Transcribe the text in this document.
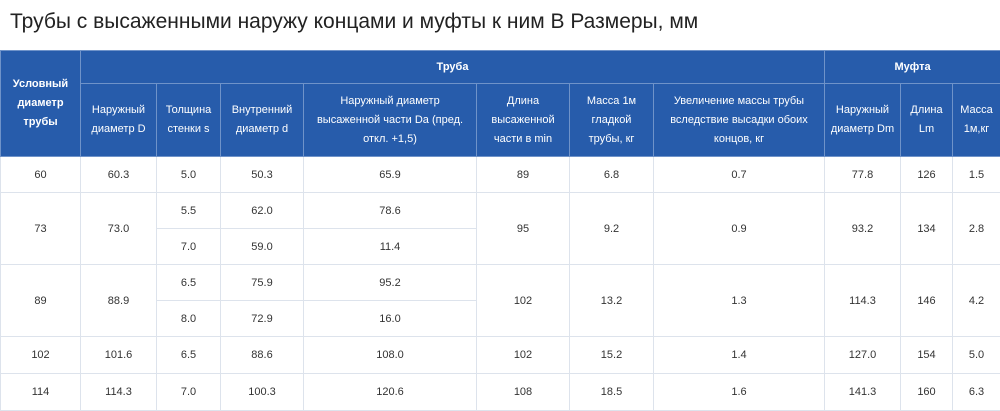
Трубы с высаженными наружу концами и муфты к ним В Размеры, мм
Условный диаметр трубы	Труба							Муфта		
	Наружный диаметр D	Толщина стенки s	Внутренний диаметр d	Наружный диаметр высаженной части Da (пред. откл. +1,5)	Длина высаженной части в min	Масса 1м гладкой трубы, кг	Увеличение массы трубы вследствие высадки обоих концов, кг	Наружный диаметр Dm	Длина Lm	Масса 1м,кг
60	60.3	5.0	50.3	65.9	89	6.8	0.7	77.8	126	1.5
73	73.0	5.5	62.0	78.6	95	9.2	0.9	93.2	134	2.8
		7.0	59.0	11.4						
89	88.9	6.5	75.9	95.2	102	13.2	1.3	114.3	146	4.2
		8.0	72.9	16.0						
102	101.6	6.5	88.6	108.0	102	15.2	1.4	127.0	154	5.0
114	114.3	7.0	100.3	120.6	108	18.5	1.6	141.3	160	6.3
